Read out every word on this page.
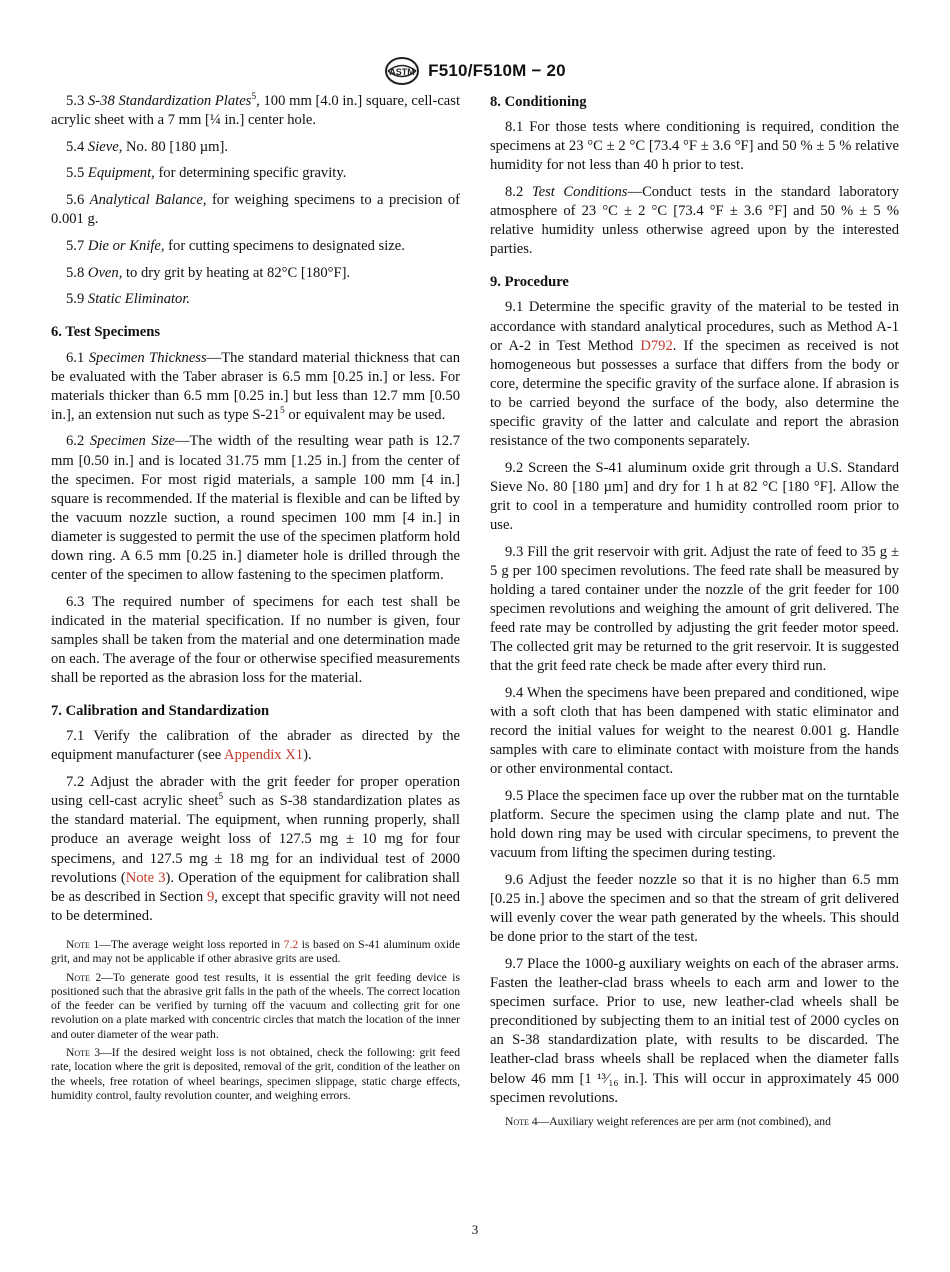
ASTM F510/F510M − 20

5.3 S-38 Standardization Plates$^5$, 100 mm [4.0 in.] square, cell-cast acrylic sheet with a 7 mm [¼ in.] center hole.

5.4 Sieve, No. 80 [180 µm].

5.5 Equipment, for determining specific gravity.

5.6 Analytical Balance, for weighing specimens to a precision of 0.001 g.

5.7 Die or Knife, for cutting specimens to designated size.

5.8 Oven, to dry grit by heating at 82°C [180°F].

5.9 Static Eliminator.

6. Test Specimens

6.1 Specimen Thickness—The standard material thickness that can be evaluated with the Taber abraser is 6.5 mm [0.25 in.] or less. For materials thicker than 6.5 mm [0.25 in.] but less than 12.7 mm [0.50 in.], an extension nut such as type $S-21^5$ or equivalent may be used.

6.2 Specimen Size—The width of the resulting wear path is 12.7 mm [0.50 in.] and is located 31.75 mm [1.25 in.] from the center of the specimen. For most rigid materials, a sample 100 mm [4 in.] square is recommended. If the material is flexible and can be lifted by the vacuum nozzle suction, a round specimen 100 mm [4 in.] in diameter is suggested to permit the use of the specimen platform hold down ring. A 6.5 mm [0.25 in.] diameter hole is drilled through the center of the specimen to allow fastening to the specimen platform.

6.3 The required number of specimens for each test shall be indicated in the material specification. If no number is given, four samples shall be taken from the material and one determination made on each. The average of the four or otherwise specified measurements shall be reported as the abrasion loss for the material.

7. Calibration and Standardization

7.1 Verify the calibration of the abrader as directed by the equipment manufacturer (see Appendix X1).

7.2 Adjust the abrader with the grit feeder for proper operation using cell-cast acrylic sheet$^5$ such as S-38 standardization plates as the standard material. The equipment, when running properly, shall produce an average weight loss of 127.5 mg ± 10 mg for four specimens, and 127.5 mg ± 18 mg for an individual test of 2000 revolutions (Note 3). Operation of the equipment for calibration shall be as described in Section 9, except that specific gravity will not need to be determined.

Note 1—The average weight loss reported in 7.2 is based on S-41 aluminum oxide grit, and may not be applicable if other abrasive grits are used.

Note 2—To generate good test results, it is essential the grit feeding device is positioned such that the abrasive grit falls in the path of the wheels. The correct location of the feeder can be verified by turning off the vacuum and collecting grit for one revolution on a plate marked with concentric circles that match the location of the inner and outer diameter of the wear path.

Note 3—If the desired weight loss is not obtained, check the following: grit feed rate, location where the grit is deposited, removal of the grit, condition of the leather on the wheels, free rotation of wheel bearings, specimen slippage, static charge effects, humidity control, faulty revolution counter, and weighing errors.

8. Conditioning

8.1 For those tests where conditioning is required, condition the specimens at 23 °C ± 2 °C [73.4 °F ± 3.6 °F] and 50 % ± 5 % relative humidity for not less than 40 h prior to test.

8.2 Test Conditions—Conduct tests in the standard laboratory atmosphere of 23 °C ± 2 °C [73.4 °F ± 3.6 °F] and 50 % ± 5 % relative humidity unless otherwise agreed upon by the interested parties.

9. Procedure

9.1 Determine the specific gravity of the material to be tested in accordance with standard analytical procedures, such as Method A-1 or A-2 in Test Method D792. If the specimen as received is not homogeneous but possesses a surface that differs from the body or core, determine the specific gravity of the surface alone. If abrasion is to be carried beyond the surface of the body, also determine the specific gravity of the latter and calculate and report the abrasion resistance of the two components separately.

9.2 Screen the S-41 aluminum oxide grit through a U.S. Standard Sieve No. 80 [180 µm] and dry for 1 h at 82 °C [180 °F]. Allow the grit to cool in a temperature and humidity controlled room prior to use.

9.3 Fill the grit reservoir with grit. Adjust the rate of feed to 35 g ± 5 g per 100 specimen revolutions. The feed rate shall be measured by holding a tared container under the nozzle of the grit feeder for 100 specimen revolutions and weighing the amount of grit delivered. The feed rate may be controlled by adjusting the grit feeder motor speed. The collected grit may be returned to the grit reservoir. It is suggested that the grit feed rate check be made after every third run.

9.4 When the specimens have been prepared and conditioned, wipe with a soft cloth that has been dampened with static eliminator and record the initial values for weight to the nearest 0.001 g. Handle samples with care to eliminate contact with moisture from the hands or other environmental contact.

9.5 Place the specimen face up over the rubber mat on the turntable platform. Secure the specimen using the clamp plate and nut. The hold down ring may be used with circular specimens, to prevent the vacuum from lifting the specimen during testing.

9.6 Adjust the feeder nozzle so that it is no higher than 6.5 mm [0.25 in.] above the specimen and so that the stream of grit delivered will evenly cover the wear path generated by the wheels. This should be done prior to the start of the test.

9.7 Place the 1000-g auxiliary weights on each of the abraser arms. Fasten the leather-clad brass wheels to each arm and lower to the specimen surface. Prior to use, new leather-clad wheels shall be preconditioned by subjecting them to an initial test of 2000 cycles on an S-38 standardization plate, with results to be discarded. The leather-clad brass wheels shall be replaced when the diameter falls below 46 mm [1 ¹³⁄₁₆ in.]. This will occur in approximately 45 000 specimen revolutions.

Note 4—Auxiliary weight references are per arm (not combined), and

3
